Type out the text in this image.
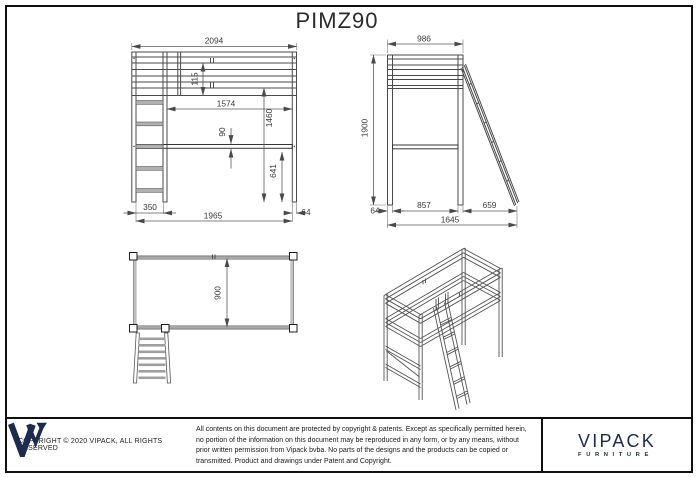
PIMZ90
2094
115
1574
1460
90
641
350
1965	64
986
1900
64
857	659
1645
900
COPYRIGHT © 2020 VIPACK, ALL RIGHTS RESERVED
All contents on this document are protected by copyright & patents. Except as specifically permitted herein,
no portion of the information on this document may be reproduced in any form, or by any means, without
prior written permission from Vipack bvba. No parts of the designs and the products can be copied or
transmitted. Product and drawings under Patent and Copyright.
VIPACK
FURNITURE
